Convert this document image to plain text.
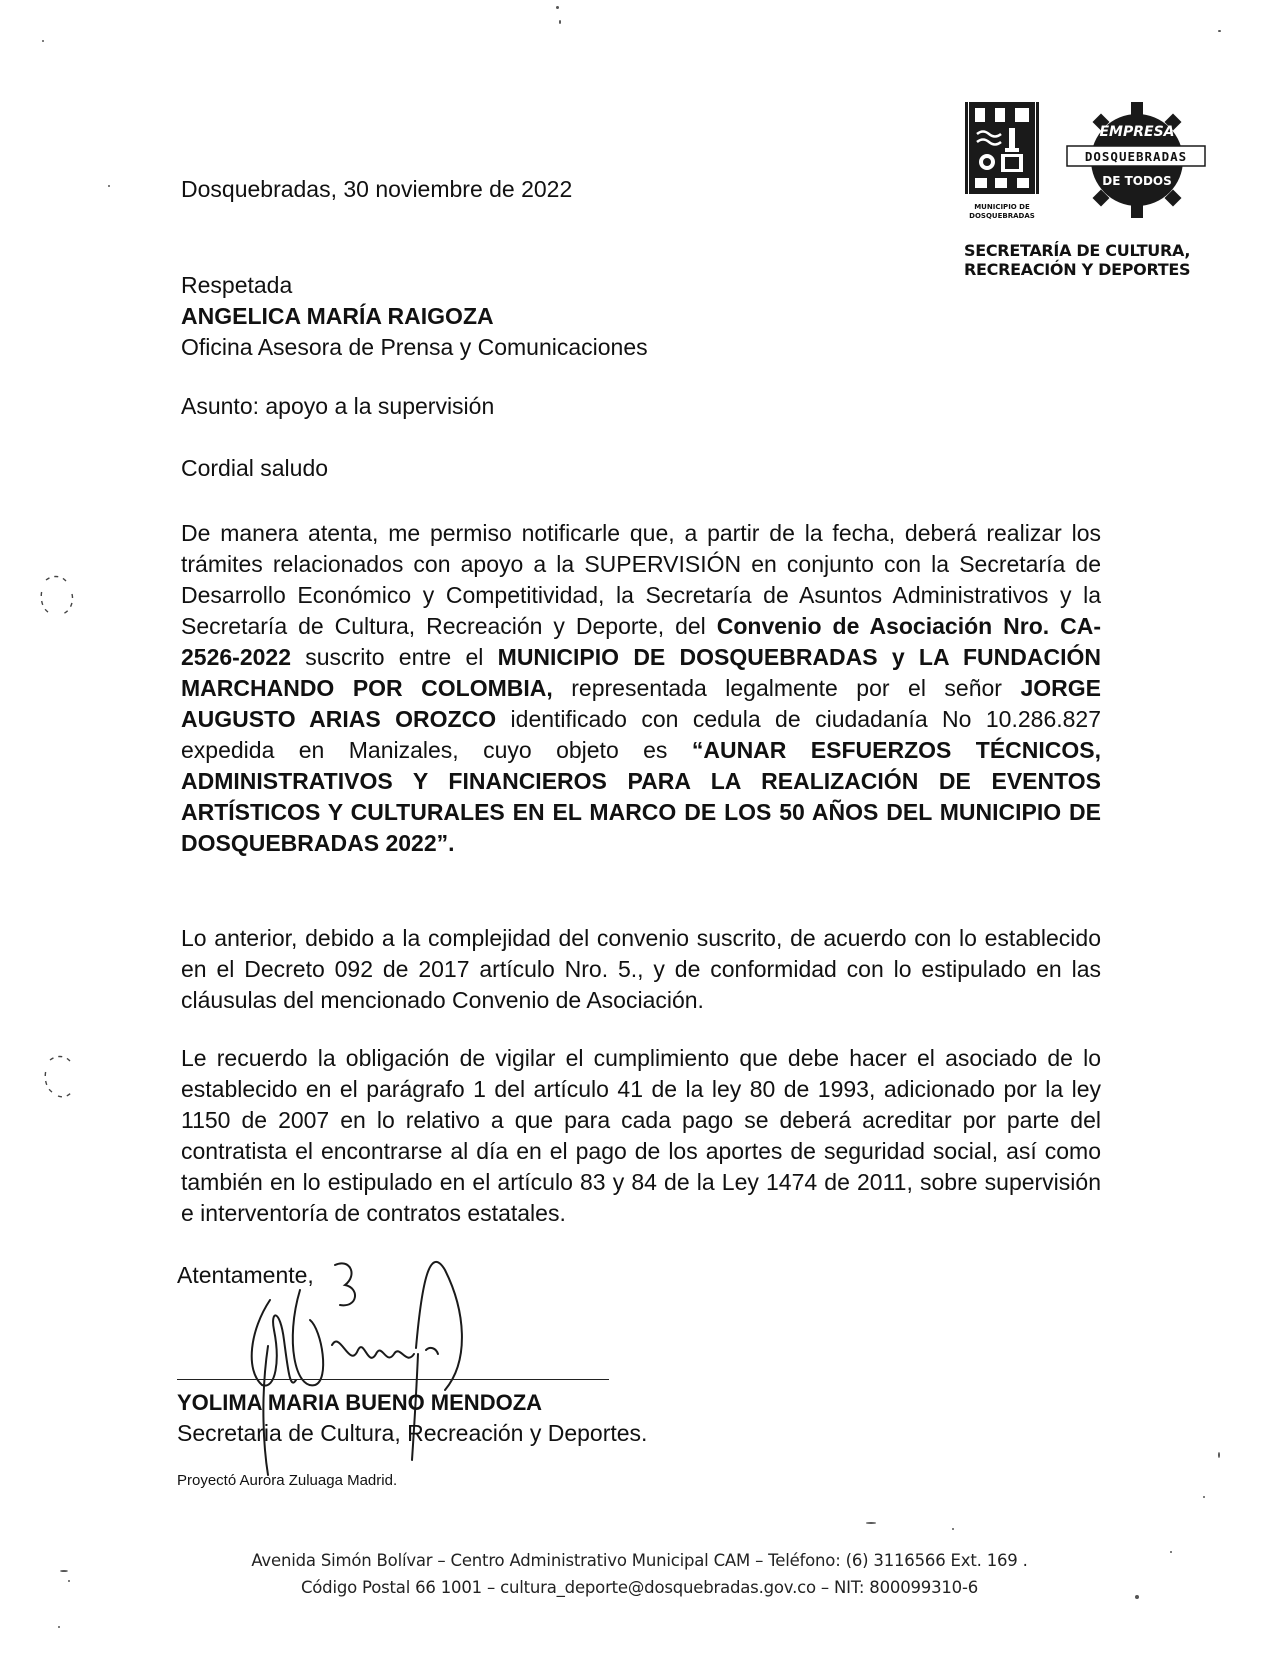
MUNICIPIO DE
DOSQUEBRADAS
EMPRESA
DOSQUEBRADAS
DE TODOS
SECRETARÍA DE CULTURA,
RECREACIÓN Y DEPORTES
Dosquebradas, 30 noviembre de 2022
Respetada
ANGELICA MARÍA RAIGOZA
Oficina Asesora de Prensa y Comunicaciones
Asunto: apoyo a la supervisión
Cordial saludo

De manera atenta, me permiso notificarle que, a partir de la fecha, deberá realizar los trámites relacionados con apoyo a la SUPERVISIÓN en conjunto con la Secretaría de Desarrollo Económico y Competitividad, la Secretaría de Asuntos Administrativos y la Secretaría de Cultura, Recreación y Deporte, del Convenio de Asociación Nro. CA-2526-2022 suscrito entre el MUNICIPIO DE DOSQUEBRADAS y LA FUNDACIÓN MARCHANDO POR COLOMBIA, representada legalmente por el señor JORGE AUGUSTO ARIAS OROZCO identificado con cedula de ciudadanía No 10.286.827 expedida en Manizales, cuyo objeto es “AUNAR ESFUERZOS TÉCNICOS, ADMINISTRATIVOS Y FINANCIEROS PARA LA REALIZACIÓN DE EVENTOS ARTÍSTICOS Y CULTURALES EN EL MARCO DE LOS 50 AÑOS DEL MUNICIPIO DE DOSQUEBRADAS 2022”.

Lo anterior, debido a la complejidad del convenio suscrito, de acuerdo con lo establecido en el Decreto 092 de 2017 artículo Nro. 5., y de conformidad con lo estipulado en las cláusulas del mencionado Convenio de Asociación.

Le recuerdo la obligación de vigilar el cumplimiento que debe hacer el asociado de lo establecido en el parágrafo 1 del artículo 41 de la ley 80 de 1993, adicionado por la ley 1150 de 2007 en lo relativo a que para cada pago se deberá acreditar por parte del contratista el encontrarse al día en el pago de los aportes de seguridad social, así como también en lo estipulado en el artículo 83 y 84 de la Ley 1474 de 2011, sobre supervisión e interventoría de contratos estatales.

Atentamente,
YOLIMA MARIA BUENO MENDOZA
Secretaria de Cultura, Recreación y Deportes.
Proyectó Aurora Zuluaga Madrid.
Avenida Simón Bolívar – Centro Administrativo Municipal CAM – Teléfono: (6) 3116566 Ext. 169 .
Código Postal 66 1001 – cultura_deporte@dosquebradas.gov.co – NIT: 800099310-6
